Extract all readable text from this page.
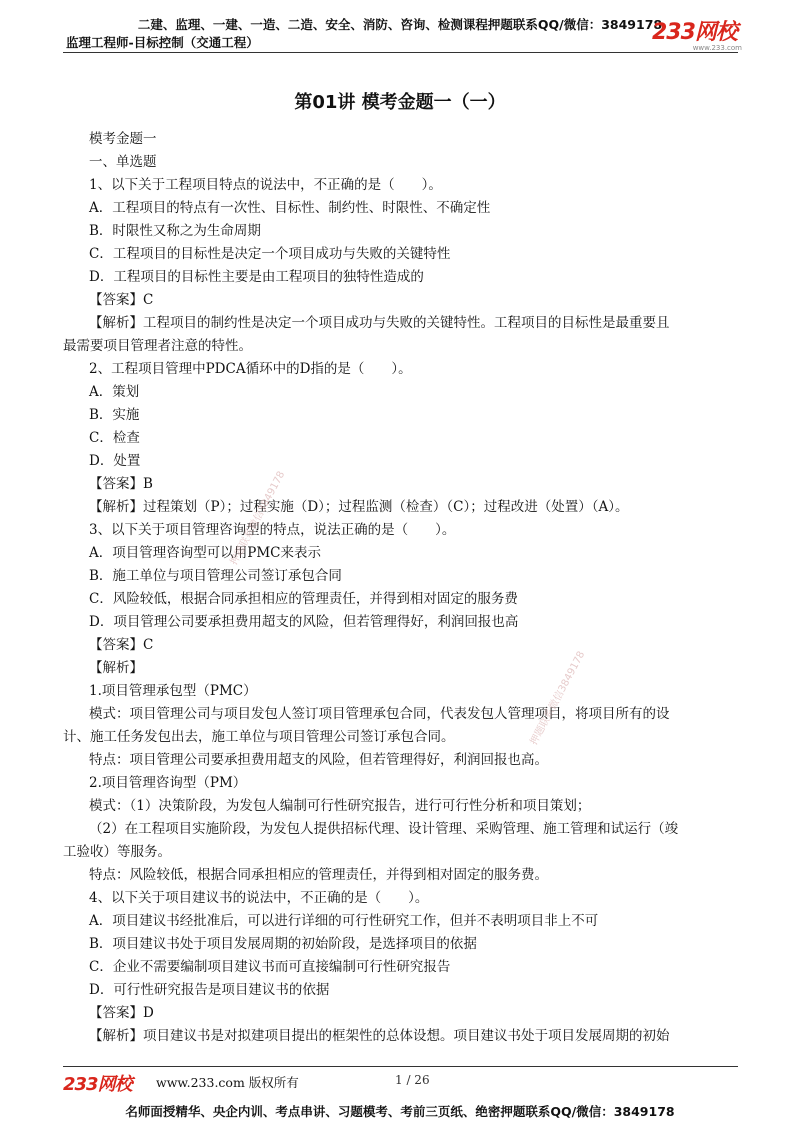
二建、监理、一建、一造、二造、安全、消防、咨询、检测课程押题联系QQ/微信：3849178
监理工程师-目标控制（交通工程）	233网校
www.233.com
第01讲 模考金题一（一）
模考金题一
一、单选题
1、以下关于工程项目特点的说法中，不正确的是（　　）。
A．工程项目的特点有一次性、目标性、制约性、时限性、不确定性
B．时限性又称之为生命周期
C．工程项目的目标性是决定一个项目成功与失败的关键特性
D．工程项目的目标性主要是由工程项目的独特性造成的
【答案】C
【解析】工程项目的制约性是决定一个项目成功与失败的关键特性。工程项目的目标性是最重要且
最需要项目管理者注意的特性。
2、工程项目管理中PDCA循环中的D指的是（　　）。
A．策划
B．实施
C．检查
D．处置
【答案】B
【解析】过程策划（P）；过程实施（D）；过程监测（检查）（C）；过程改进（处置）（A）。
3、以下关于项目管理咨询型的特点，说法正确的是（　　）。
A．项目管理咨询型可以用PMC来表示
B．施工单位与项目管理公司签订承包合同
C．风险较低，根据合同承担相应的管理责任，并得到相对固定的服务费
D．项目管理公司要承担费用超支的风险，但若管理得好，利润回报也高
【答案】C
【解析】
1.项目管理承包型（PMC）
模式：项目管理公司与项目发包人签订项目管理承包合同，代表发包人管理项目，将项目所有的设
计、施工任务发包出去，施工单位与项目管理公司签订承包合同。
特点：项目管理公司要承担费用超支的风险，但若管理得好，利润回报也高。
2.项目管理咨询型（PM）
模式：（1）决策阶段，为发包人编制可行性研究报告，进行可行性分析和项目策划；
（2）在工程项目实施阶段，为发包人提供招标代理、设计管理、采购管理、施工管理和试运行（竣
工验收）等服务。
特点：风险较低，根据合同承担相应的管理责任，并得到相对固定的服务费。
4、以下关于项目建议书的说法中，不正确的是（　　）。
A．项目建议书经批准后，可以进行详细的可行性研究工作，但并不表明项目非上不可
B．项目建议书处于项目发展周期的初始阶段，是选择项目的依据
C．企业不需要编制项目建议书而可直接编制可行性研究报告
D．可行性研究报告是项目建议书的依据
【答案】D
【解析】项目建议书是对拟建项目提出的框架性的总体设想。项目建议书处于项目发展周期的初始
押题联系微信3849178
押题联系微信3849178
233网校 www.233.com 版权所有	1 / 26
名师面授精华、央企内训、考点串讲、习题模考、考前三页纸、绝密押题联系QQ/微信：3849178
